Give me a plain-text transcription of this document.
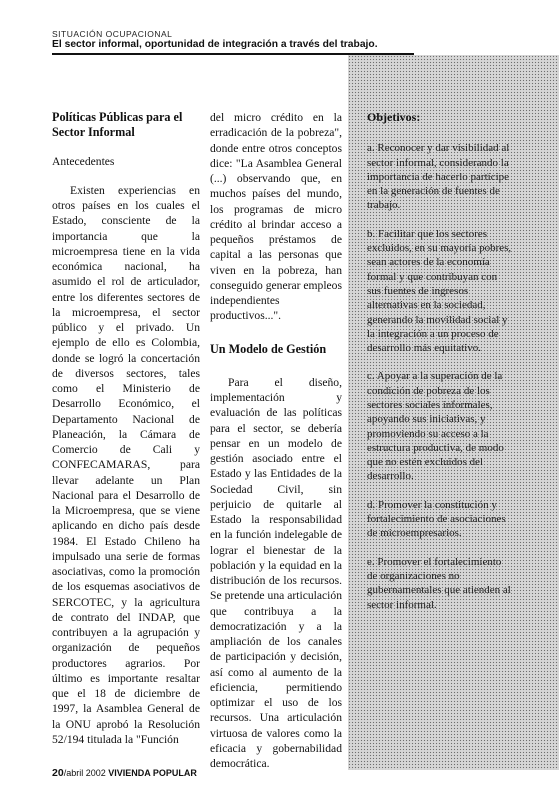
SITUACIÓN OCUPACIONAL
El sector informal, oportunidad de integración a través del trabajo.

Políticas Públicas para el Sector Informal

Antecedentes

Existen experiencias en otros países en los cuales el Estado, consciente de la importancia que la microempresa tiene en la vida económica nacional, ha asumido el rol de articulador, entre los diferentes sectores de la microempresa, el sector público y el privado. Un ejemplo de ello es Colombia, donde se logró la concertación de diversos sectores, tales como el Ministerio de Desarrollo Económico, el Departamento Nacional de Planeación, la Cámara de Comercio de Cali y CONFECAMARAS, para llevar adelante un Plan Nacional para el Desarrollo de la Microempresa, que se viene aplicando en dicho país desde 1984. El Estado Chileno ha impulsado una serie de formas asociativas, como la promoción de los esquemas asociativos de SERCOTEC, y la agricultura de contrato del INDAP, que contribuyen a la agrupación y organización de pequeños productores agrarios. Por último es importante resaltar que el 18 de diciembre de 1997, la Asamblea General de la ONU aprobó la Resolución 52/194 titulada la "Función

del micro crédito en la erradicación de la pobreza", donde entre otros conceptos dice: "La Asamblea General (...) observando que, en muchos países del mundo, los programas de micro crédito al brindar acceso a pequeños préstamos de capital a las personas que viven en la pobreza, han conseguido generar empleos independientes productivos...".

Un Modelo de Gestión

Para el diseño, implementación y evaluación de las políticas para el sector, se debería pensar en un modelo de gestión asociado entre el Estado y las Entidades de la Sociedad Civil, sin perjuicio de quitarle al Estado la responsabilidad en la función indelegable de lograr el bienestar de la población y la equidad en la distribución de los recursos. Se pretende una articulación que contribuya a la democratización y a la ampliación de los canales de participación y decisión, así como al aumento de la eficiencia, permitiendo optimizar el uso de los recursos. Una articulación virtuosa de valores como la eficacia y gobernabilidad democrática.

Objetivos:

a. Reconocer y dar visibilidad al sector informal, considerando la importancia de hacerlo partícipe en la generación de fuentes de trabajo.

b. Facilitar que los sectores excluidos, en su mayoría pobres, sean actores de la economía formal y que contribuyan con sus fuentes de ingresos alternativas en la sociedad, generando la movilidad social y la integración a un proceso de desarrollo más equitativo.

c. Apoyar a la superación de la condición de pobreza de los sectores sociales informales, apoyando sus iniciativas, y promoviendo su acceso a la estructura productiva, de modo que no estén excluidos del desarrollo.

d. Promover la constitución y fortalecimiento de asociaciones de microempresarios.

e. Promover el fortalecimiento de organizaciones no gubernamentales que atienden al sector informal.

20/abril 2002 VIVIENDA POPULAR
